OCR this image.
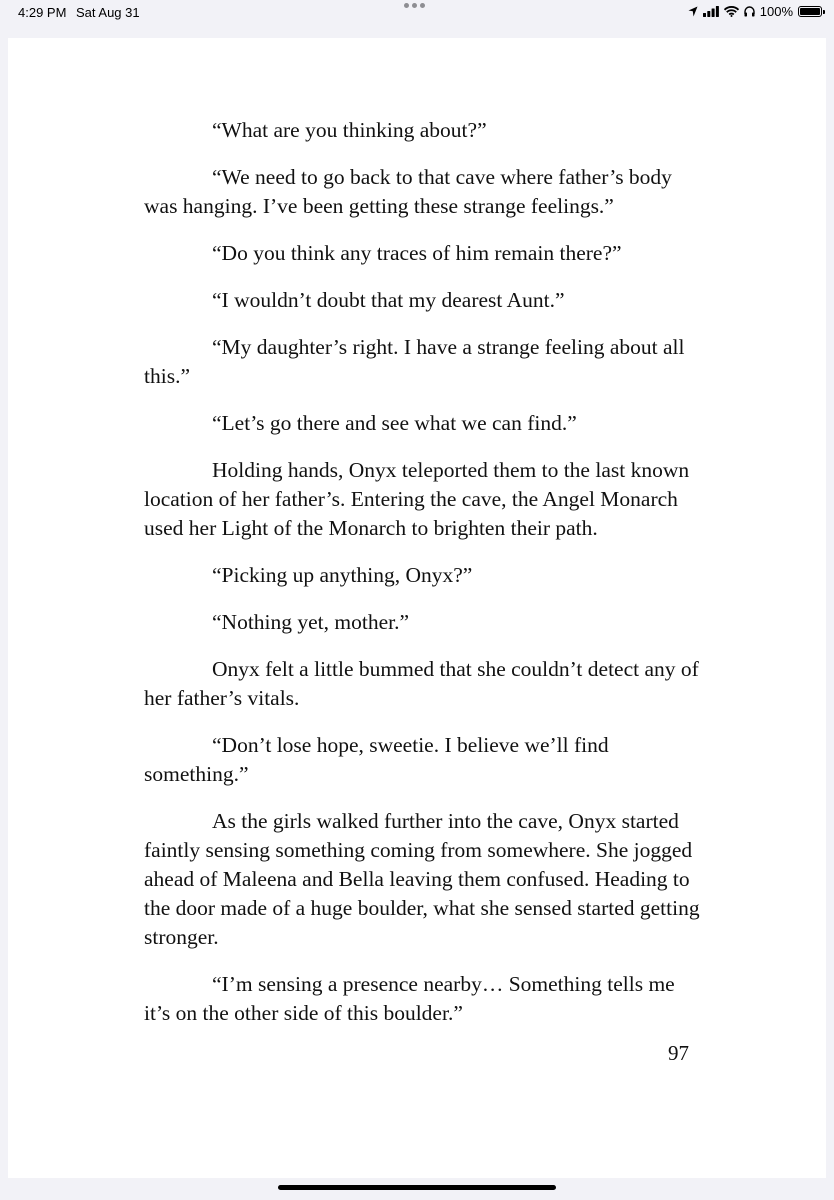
4:29 PM Sat Aug 31	100%

“What are you thinking about?”

“We need to go back to that cave where father’s body was hanging. I’ve been getting these strange feelings.”

“Do you think any traces of him remain there?”

“I wouldn’t doubt that my dearest Aunt.”

“My daughter’s right. I have a strange feeling about all this.”

“Let’s go there and see what we can find.”

Holding hands, Onyx teleported them to the last known location of her father’s. Entering the cave, the Angel Monarch used her Light of the Monarch to brighten their path.

“Picking up anything, Onyx?”

“Nothing yet, mother.”

Onyx felt a little bummed that she couldn’t detect any of her father’s vitals.

“Don’t lose hope, sweetie. I believe we’ll find something.”

As the girls walked further into the cave, Onyx started faintly sensing something coming from somewhere. She jogged ahead of Maleena and Bella leaving them confused. Heading to the door made of a huge boulder, what she sensed started getting stronger.

“I’m sensing a presence nearby… Something tells me it’s on the other side of this boulder.”

97
